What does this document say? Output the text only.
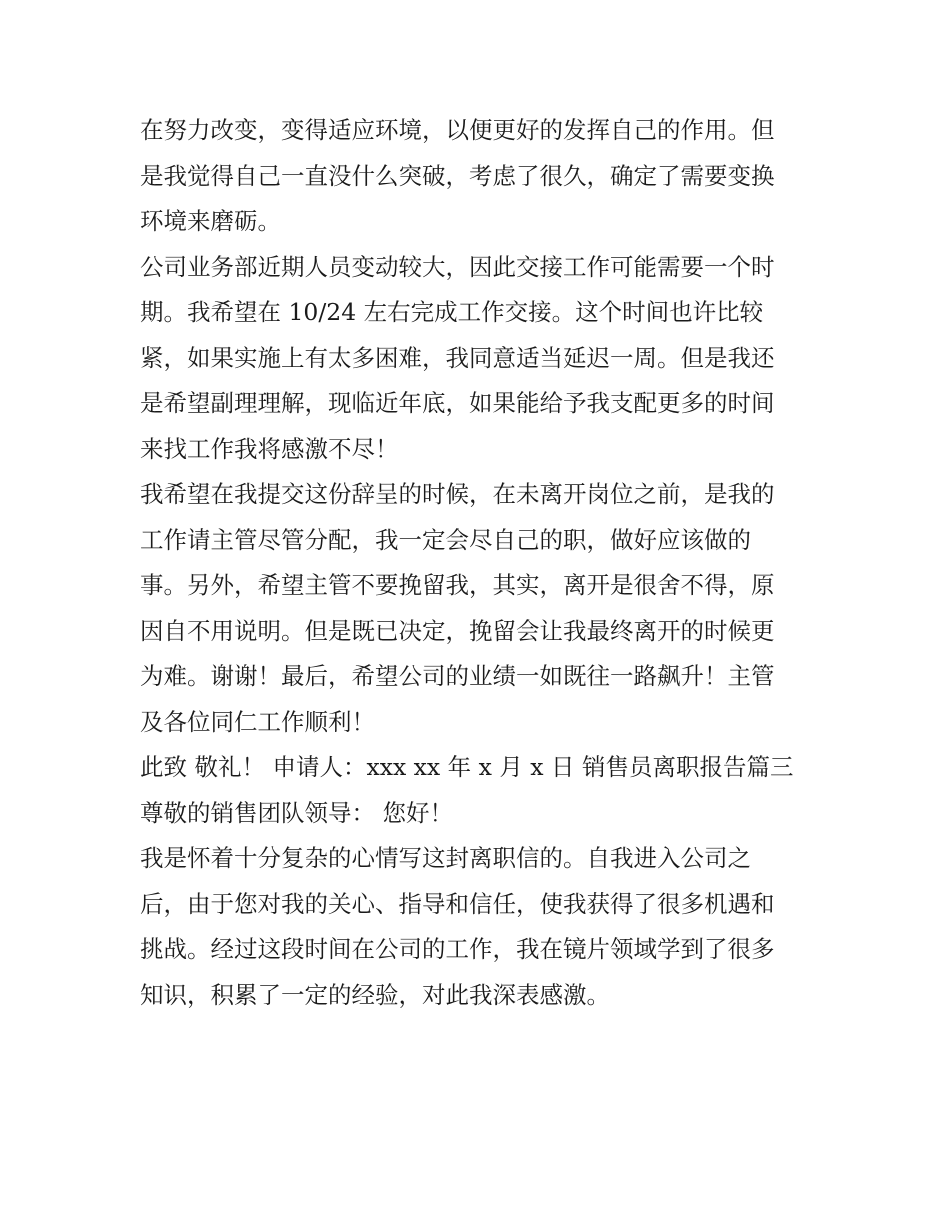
在努力改变，变得适应环境，以便更好的发挥自己的作用。但
是我觉得自己一直没什么突破，考虑了很久，确定了需要变换
环境来磨砺。
公司业务部近期人员变动较大，因此交接工作可能需要一个时
期。我希望在 10/24 左右完成工作交接。这个时间也许比较
紧，如果实施上有太多困难，我同意适当延迟一周。但是我还
是希望副理理解，现临近年底，如果能给予我支配更多的时间
来找工作我将感激不尽！
我希望在我提交这份辞呈的时候，在未离开岗位之前，是我的
工作请主管尽管分配，我一定会尽自己的职，做好应该做的
事。另外，希望主管不要挽留我，其实，离开是很舍不得，原
因自不用说明。但是既已决定，挽留会让我最终离开的时候更
为难。谢谢！最后，希望公司的业绩一如既往一路飙升！主管
及各位同仁工作顺利！
此致 敬礼！ 申请人：xxx xx 年 x 月 x 日 销售员离职报告篇三
尊敬的销售团队领导： 您好！
我是怀着十分复杂的心情写这封离职信的。自我进入公司之
后，由于您对我的关心、指导和信任，使我获得了很多机遇和
挑战。经过这段时间在公司的工作，我在镜片领域学到了很多
知识，积累了一定的经验，对此我深表感激。
